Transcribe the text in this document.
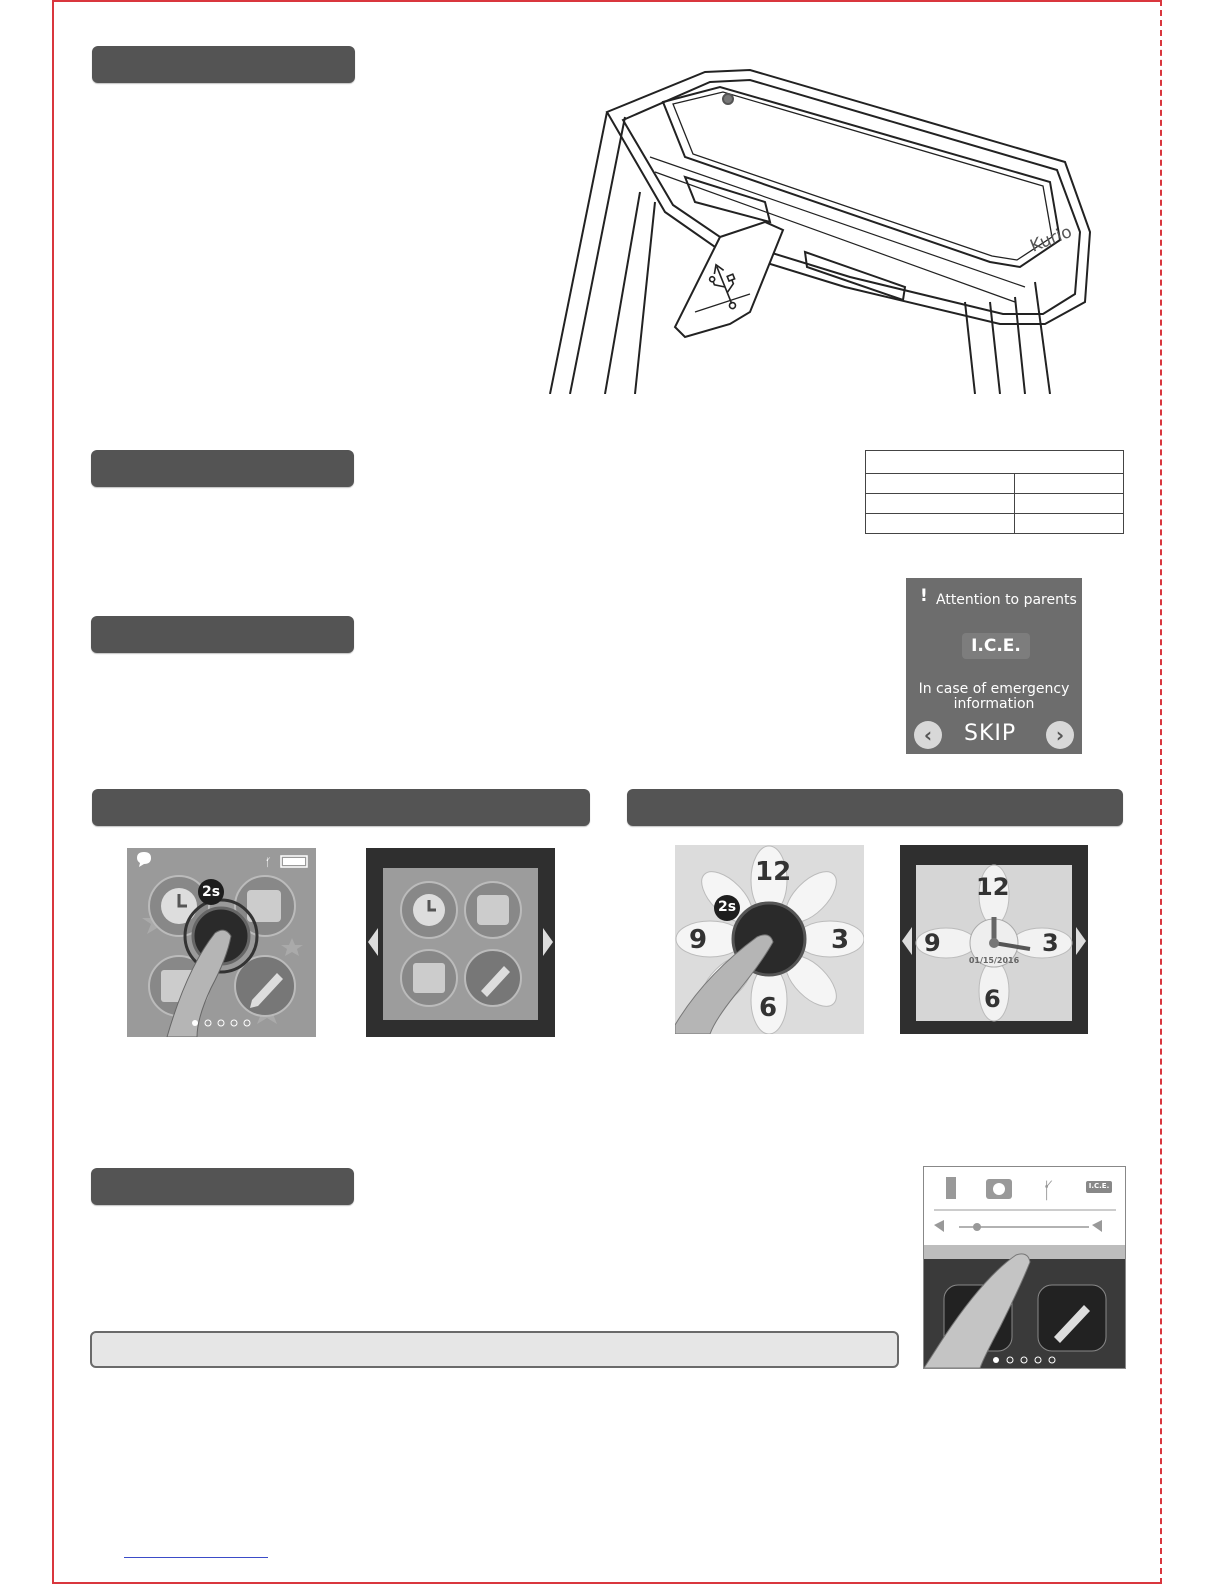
Kurio

! Attention to parents
I.C.E.
In case of emergency
information
‹	SKIP	›
ᚶ
2s
12
3
6
9
2s
12
3
6
9
01/15/2016
ᚶ	I.C.E.
